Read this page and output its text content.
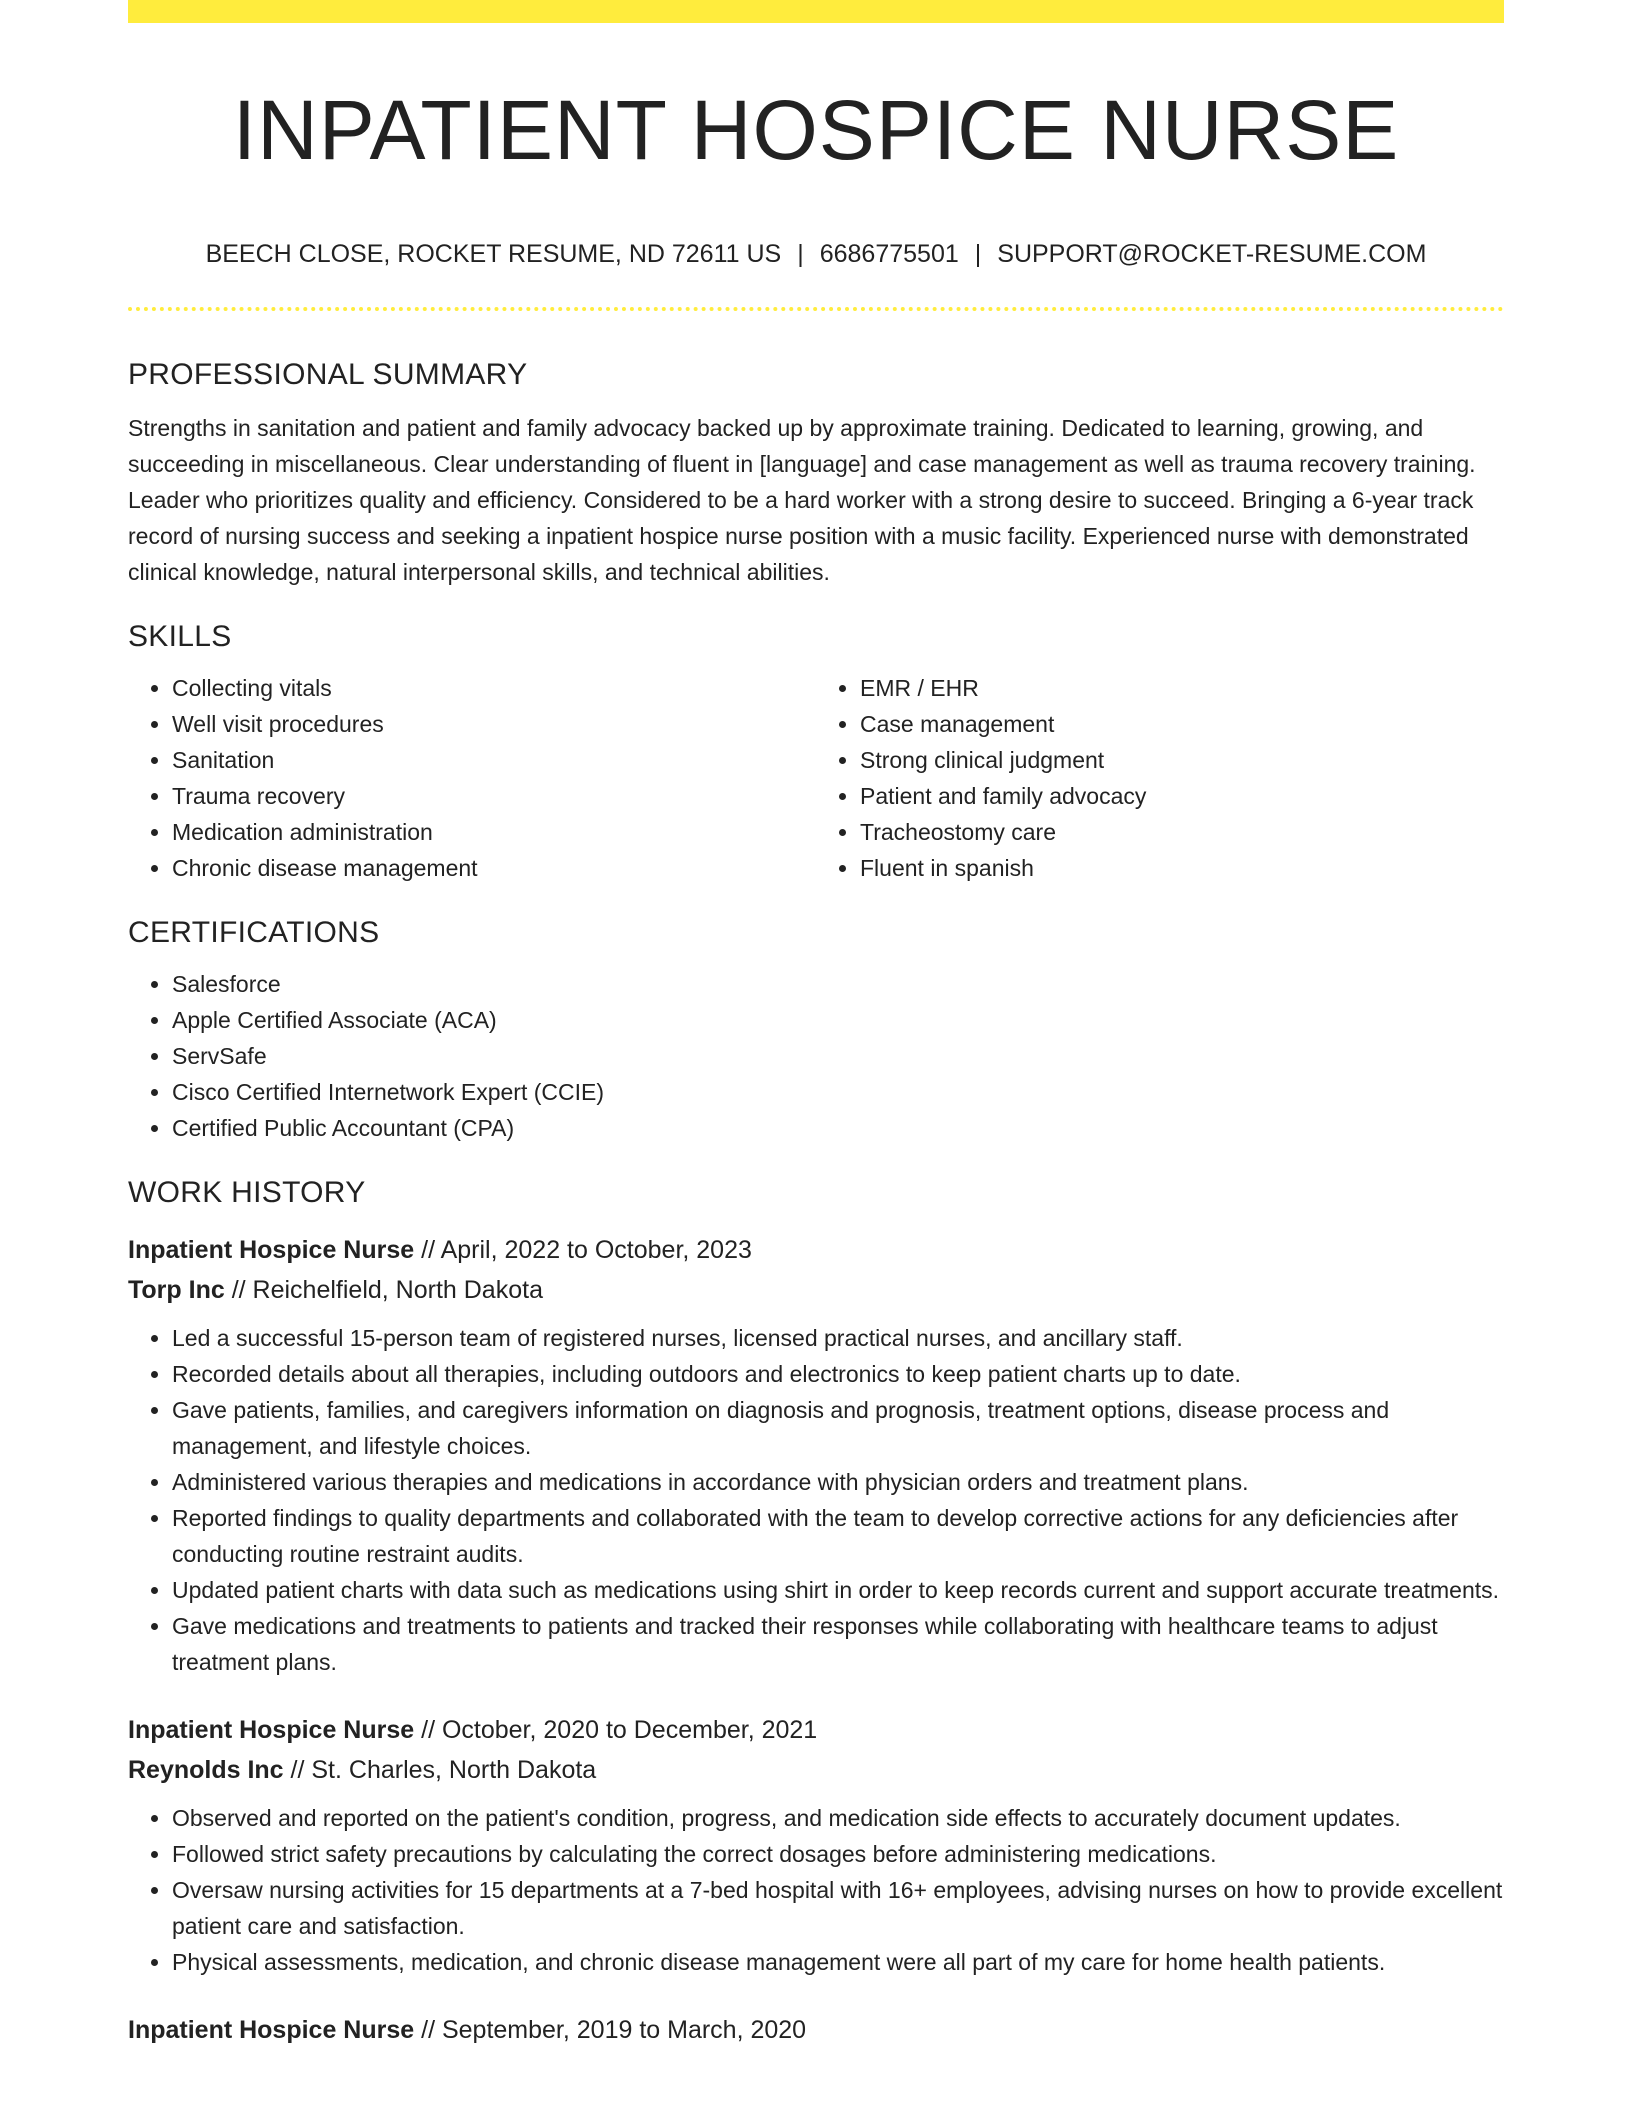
INPATIENT HOSPICE NURSE
BEECH CLOSE, ROCKET RESUME, ND 72611 US | 6686775501 | SUPPORT@ROCKET-RESUME.COM
PROFESSIONAL SUMMARY

Strengths in sanitation and patient and family advocacy backed up by approximate training. Dedicated to learning, growing, and succeeding in miscellaneous. Clear understanding of fluent in [language] and case management as well as trauma recovery training. Leader who prioritizes quality and efficiency. Considered to be a hard worker with a strong desire to succeed. Bringing a 6-year track record of nursing success and seeking a inpatient hospice nurse position with a music facility. Experienced nurse with demonstrated clinical knowledge, natural interpersonal skills, and technical abilities.

SKILLS
• Collecting vitals
• Well visit procedures
• Sanitation
• Trauma recovery
• Medication administration
• Chronic disease management
• EMR / EHR
• Case management
• Strong clinical judgment
• Patient and family advocacy
• Tracheostomy care
• Fluent in spanish
CERTIFICATIONS
• Salesforce
• Apple Certified Associate (ACA)
• ServSafe
• Cisco Certified Internetwork Expert (CCIE)
• Certified Public Accountant (CPA)
WORK HISTORY
Inpatient Hospice Nurse // April, 2022 to October, 2023
Torp Inc // Reichelfield, North Dakota
• Led a successful 15-person team of registered nurses, licensed practical nurses, and ancillary staff.
• Recorded details about all therapies, including outdoors and electronics to keep patient charts up to date.
• Gave patients, families, and caregivers information on diagnosis and prognosis, treatment options, disease process and management, and lifestyle choices.
• Administered various therapies and medications in accordance with physician orders and treatment plans.
• Reported findings to quality departments and collaborated with the team to develop corrective actions for any deficiencies after conducting routine restraint audits.
• Updated patient charts with data such as medications using shirt in order to keep records current and support accurate treatments.
• Gave medications and treatments to patients and tracked their responses while collaborating with healthcare teams to adjust treatment plans.
Inpatient Hospice Nurse // October, 2020 to December, 2021
Reynolds Inc // St. Charles, North Dakota
• Observed and reported on the patient's condition, progress, and medication side effects to accurately document updates.
• Followed strict safety precautions by calculating the correct dosages before administering medications.
• Oversaw nursing activities for 15 departments at a 7-bed hospital with 16+ employees, advising nurses on how to provide excellent patient care and satisfaction.
• Physical assessments, medication, and chronic disease management were all part of my care for home health patients.
Inpatient Hospice Nurse // September, 2019 to March, 2020
